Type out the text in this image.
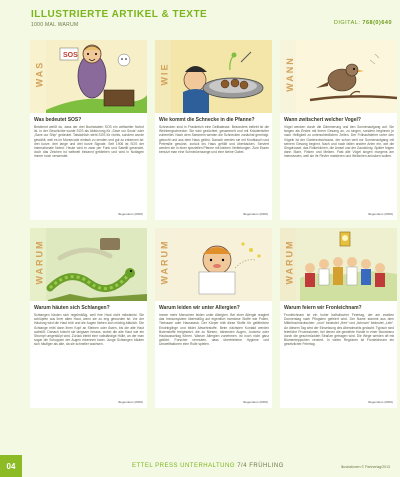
ILLUSTRIERTE ARTIKEL & TEXTE
1000 MAL WARUM	DIGITAL: 768(0)640
SOS
WAS
Was bedeutet SOS?
Bestimmt weißt du, dass der drei Buchstaben SOS ein weltweiter Notruf ist. In der Geschichte wurde SOS als Abkürzung für „Save our Souls“ oder „Save our Ship“ gedeutet. Tatsächlich steht SOS für nichts, sondern wurde gewählt, weil es im Morsecode einfach zu senden und gut zu erkennen ist: drei kurze, drei lange und drei kurze Signale. Seit 1906 ist SOS der internationale Notruf. Heute wird er zwar per Funk und Satellit gesendet, doch das Zeichen ist weltweit bekannt geblieben und wird in Notlagen immer noch verwendet.
Illegendens (0000)
WIE
Wie kommt die Schnecke in die Pfanne?
Schnecken sind in Frankreich eine Delikatesse. Besonders beliebt ist die Weinbergschnecke. Sie wird gezüchtet, gesammelt und mit Kräuterbutter zubereitet. Nach dem Sammeln werden die Schnecken zunächst gereinigt, gekocht und aus dem Haus gelöst. Danach werden sie mit Knoblauch und Petersilie gewürzt, zurück ins Haus gefüllt und überbacken. Serviert werden sie in einer speziellen Pfanne mit kleinen Vertiefungen. Zum Essen benutzt man eine Schneckenzange und eine kleine Gabel.
Illegendens (0000)
WANN
Wann zwitschert welcher Vogel?
Vögel wecken durch die Dämmerung und den Sonnenaufgang auf. Sie fangen als Erstes mit ihrem Gesang an, zu singen, sondern beginnen je nach Helligkeit zu unterschiedlichen Zeiten. Der Frühaufsteher unter den Vögeln ist der Gartenrotschwanz, der schon weit vor Sonnenaufgang mit seinem Gesang beginnt. Nach und nach fallen andere Arten ein, wie die Singdrossel, das Rotkehlchen, die Amsel und der Zaunkönig. Später folgen dann Stare, Finken und Meisen. Fast alle Vögel singen morgens am intensivsten, weil sie ihr Revier markieren und Weibchen anlocken wollen.
Illegendens (0000)
WARUM
Warum häuten sich Schlangen?
Schlangen häuten sich regelmäßig, weil ihre Haut nicht mitwächst. Sie schlüpfen aus ihrer alten Haut, wenn sie zu eng geworden ist. Vor der Häutung wird die Haut trüb und die Augen färben sich milchig-bläulich. Die Schlange reibt dann ihren Kopf an Steinen oder Ästen, bis die alte Haut aufreißt. Danach kriecht sie langsam heraus, wobei die alte Haut wie ein Strumpf umgestülpt wird. Zurück bleibt eine vollständige Hülle, an der man sogar die Schuppen der Augen erkennen kann. Junge Schlangen häuten sich häufiger als alte, da sie schneller wachsen.
Illegendens (0000)
WARUM
Warum leiden wir unter Allergien?
Immer mehr Menschen leiden unter Allergien. Bei einer Allergie reagiert das Immunsystem übermäßig auf eigentlich harmlose Stoffe wie Pollen, Tierhaare oder Hausstaub. Der Körper hält diese Stoffe für gefährliche Eindringlinge und bildet Abwehrstoffe. Beim nächsten Kontakt werden Botenstoffe freigesetzt, die zu Niesen, tränenden Augen, Juckreiz oder Hautausschlag führen. Warum Allergien zunehmen, ist noch nicht ganz geklärt. Forscher vermuten, dass übertriebene Hygiene und Umweltfaktoren eine Rolle spielen.
Illegendens (0000)
WARUM
Warum feiern wir Fronleichnam?
Fronleichnam ist ein hoher katholischer Feiertag, der am zweiten Donnerstag nach Pfingsten gefeiert wird. Der Name stammt aus dem Mittelhochdeutschen: „vron“ bedeutet „Herr“ und „lichnam“ bedeutet „Leib“. An diesem Tag wird der Einsetzung des Abendmahls gedacht. Typisch sind feierliche Prozessionen, bei denen die geweihte Hostie in einer Monstranz durch die geschmückten Straßen getragen wird. Die Wege werden oft mit Blumenteppichen verziert. In vielen Regionen ist Fronleichnam ein gesetzlicher Feiertag.
Illegendens (0000)
04	ETTEL PRESS UNTERHALTUNG 7/4 FRÜHLING	Illustrationen © Partnerlag/2013
